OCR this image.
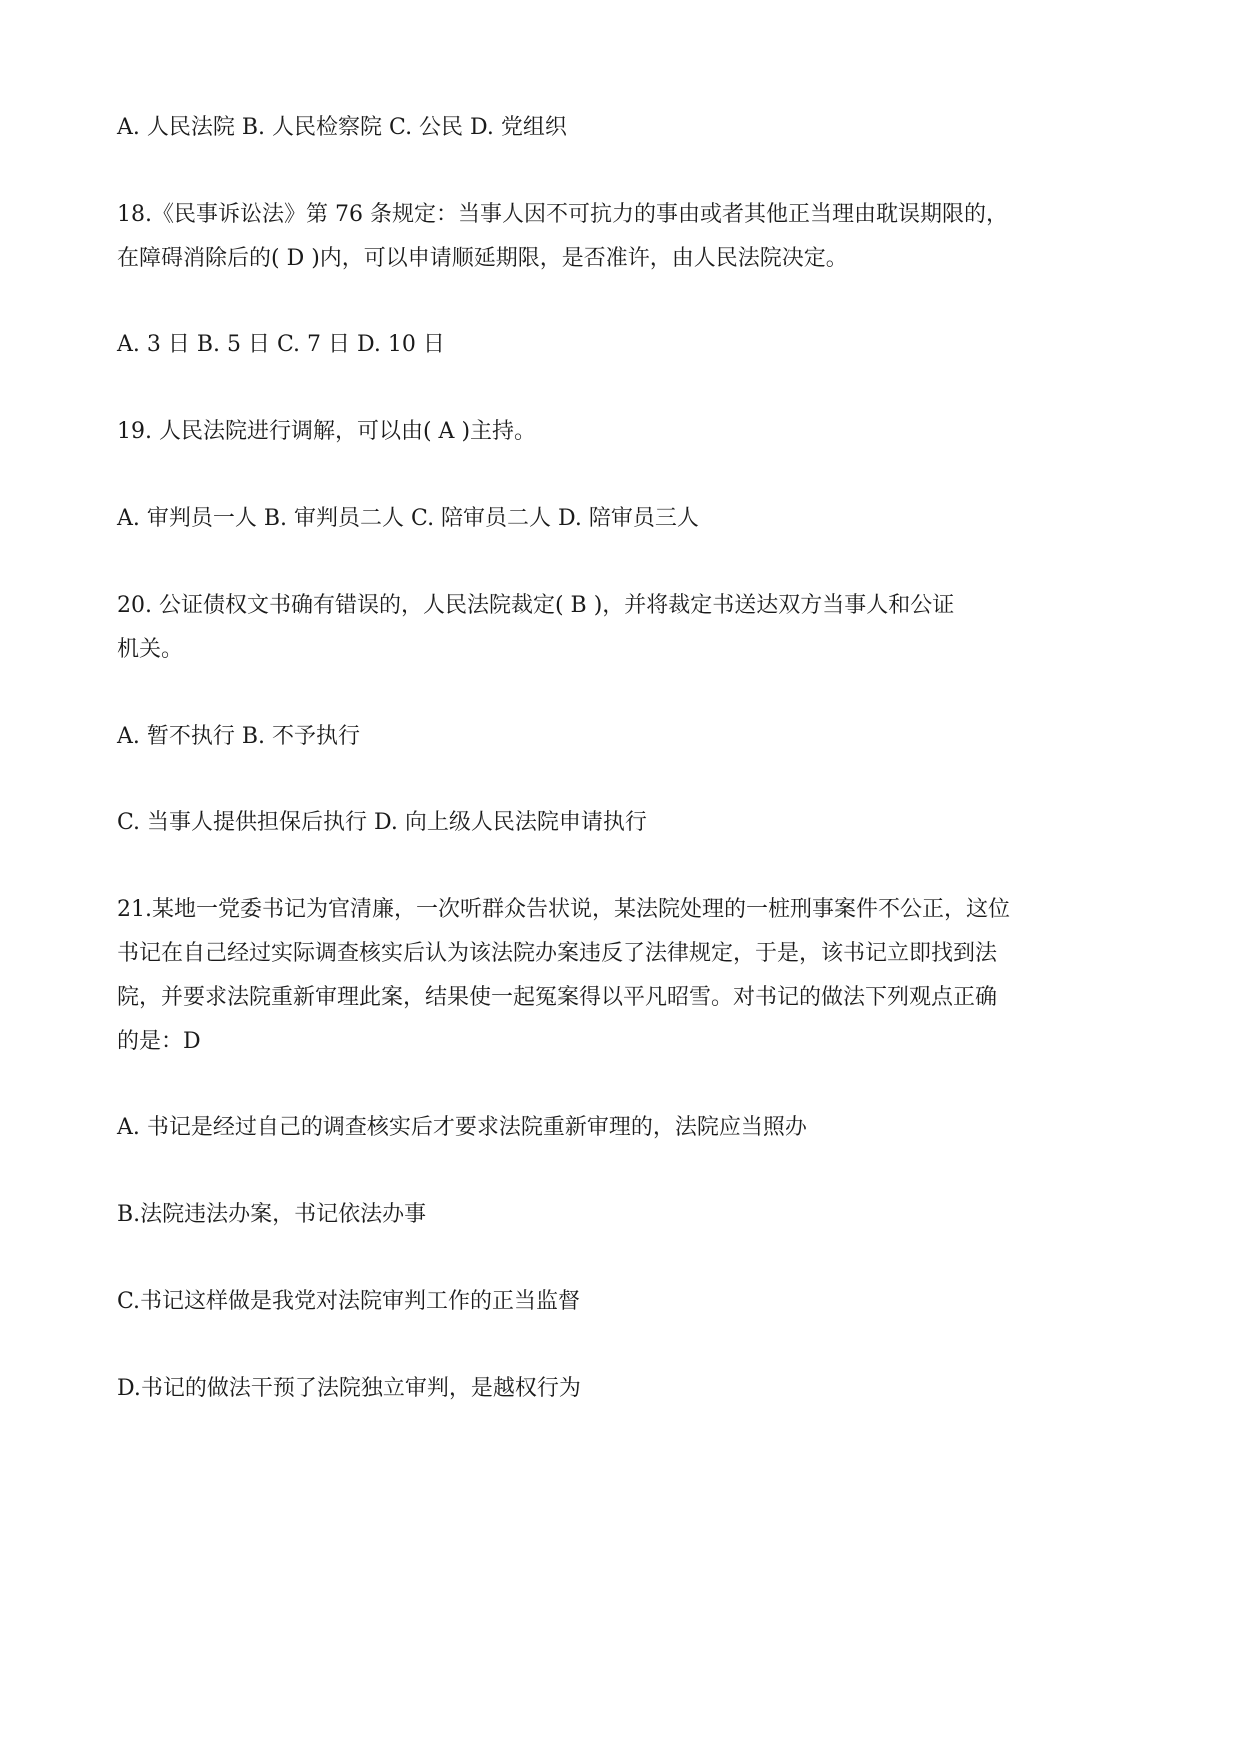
A. 人民法院 B. 人民检察院 C. 公民 D. 党组织

18.《民事诉讼法》第 76 条规定：当事人因不可抗力的事由或者其他正当理由耽误期限的，

在障碍消除后的( D )内，可以申请顺延期限，是否准许，由人民法院决定。

A. 3 日 B. 5 日 C. 7 日 D. 10 日

19. 人民法院进行调解，可以由( A )主持。

A. 审判员一人 B. 审判员二人 C. 陪审员二人 D. 陪审员三人

20. 公证债权文书确有错误的，人民法院裁定( B )，并将裁定书送达双方当事人和公证

机关。

A. 暂不执行 B. 不予执行

C. 当事人提供担保后执行 D. 向上级人民法院申请执行

21.某地一党委书记为官清廉，一次听群众告状说，某法院处理的一桩刑事案件不公正，这位

书记在自己经过实际调查核实后认为该法院办案违反了法律规定，于是，该书记立即找到法

院，并要求法院重新审理此案，结果使一起冤案得以平凡昭雪。对书记的做法下列观点正确

的是：D

A. 书记是经过自己的调查核实后才要求法院重新审理的，法院应当照办

B.法院违法办案，书记依法办事

C.书记这样做是我党对法院审判工作的正当监督

D.书记的做法干预了法院独立审判，是越权行为
